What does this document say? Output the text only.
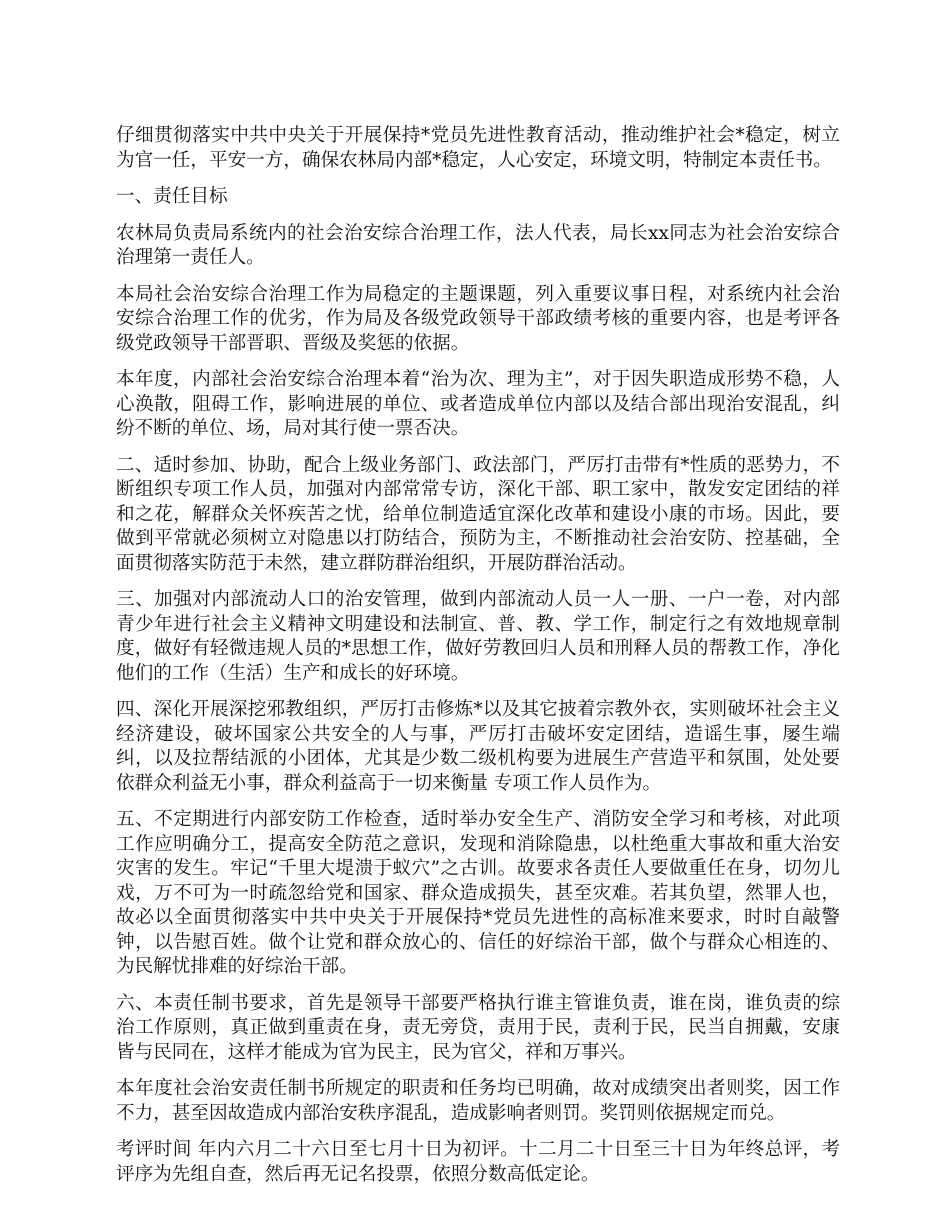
仔细贯彻落实中共中央关于开展保持*党员先进性教育活动，推动维护社会*稳定，树立为官一任，平安一方，确保农林局内部*稳定，人心安定，环境文明，特制定本责任书。

一、责任目标

农林局负责局系统内的社会治安综合治理工作，法人代表，局长xx同志为社会治安综合治理第一责任人。

本局社会治安综合治理工作为局稳定的主题课题，列入重要议事日程，对系统内社会治安综合治理工作的优劣，作为局及各级党政领导干部政绩考核的重要内容，也是考评各级党政领导干部晋职、晋级及奖惩的依据。

本年度，内部社会治安综合治理本着“治为次、理为主”，对于因失职造成形势不稳，人心涣散，阻碍工作，影响进展的单位、或者造成单位内部以及结合部出现治安混乱，纠纷不断的单位、场，局对其行使一票否决。

二、适时参加、协助，配合上级业务部门、政法部门，严厉打击带有*性质的恶势力，不断组织专项工作人员，加强对内部常常专访，深化干部、职工家中，散发安定团结的祥和之花，解群众关怀疾苦之忧，给单位制造适宜深化改革和建设小康的市场。因此，要做到平常就必须树立对隐患以打防结合，预防为主，不断推动社会治安防、控基础，全面贯彻落实防范于未然，建立群防群治组织，开展防群治活动。

三、加强对内部流动人口的治安管理，做到内部流动人员一人一册、一户一卷，对内部青少年进行社会主义精神文明建设和法制宣、普、教、学工作，制定行之有效地规章制度，做好有轻微违规人员的*思想工作，做好劳教回归人员和刑释人员的帮教工作，净化他们的工作（生活）生产和成长的好环境。

四、深化开展深挖邪教组织，严厉打击修炼*以及其它披着宗教外衣，实则破坏社会主义经济建设，破坏国家公共安全的人与事，严厉打击破坏安定团结，造谣生事，屡生端纠，以及拉帮结派的小团体，尤其是少数二级机构要为进展生产营造平和氛围，处处要依群众利益无小事，群众利益高于一切来衡量 专项工作人员作为。

五、不定期进行内部安防工作检查，适时举办安全生产、消防安全学习和考核，对此项工作应明确分工，提高安全防范之意识，发现和消除隐患，以杜绝重大事故和重大治安灾害的发生。牢记“千里大堤溃于蚁穴”之古训。故要求各责任人要做重任在身，切勿儿戏，万不可为一时疏忽给党和国家、群众造成损失，甚至灾难。若其负望，然罪人也，故必以全面贯彻落实中共中央关于开展保持*党员先进性的高标准来要求，时时自敲警钟，以告慰百姓。做个让党和群众放心的、信任的好综治干部，做个与群众心相连的、为民解忧排难的好综治干部。

六、本责任制书要求，首先是领导干部要严格执行谁主管谁负责，谁在岗，谁负责的综治工作原则，真正做到重责在身，责无旁贷，责用于民，责利于民，民当自拥戴，安康皆与民同在，这样才能成为官为民主，民为官父，祥和万事兴。

本年度社会治安责任制书所规定的职责和任务均已明确，故对成绩突出者则奖，因工作不力，甚至因故造成内部治安秩序混乱，造成影响者则罚。奖罚则依据规定而兑。

考评时间 年内六月二十六日至七月十日为初评。十二月二十日至三十日为年终总评，考评序为先组自查，然后再无记名投票，依照分数高低定论。
